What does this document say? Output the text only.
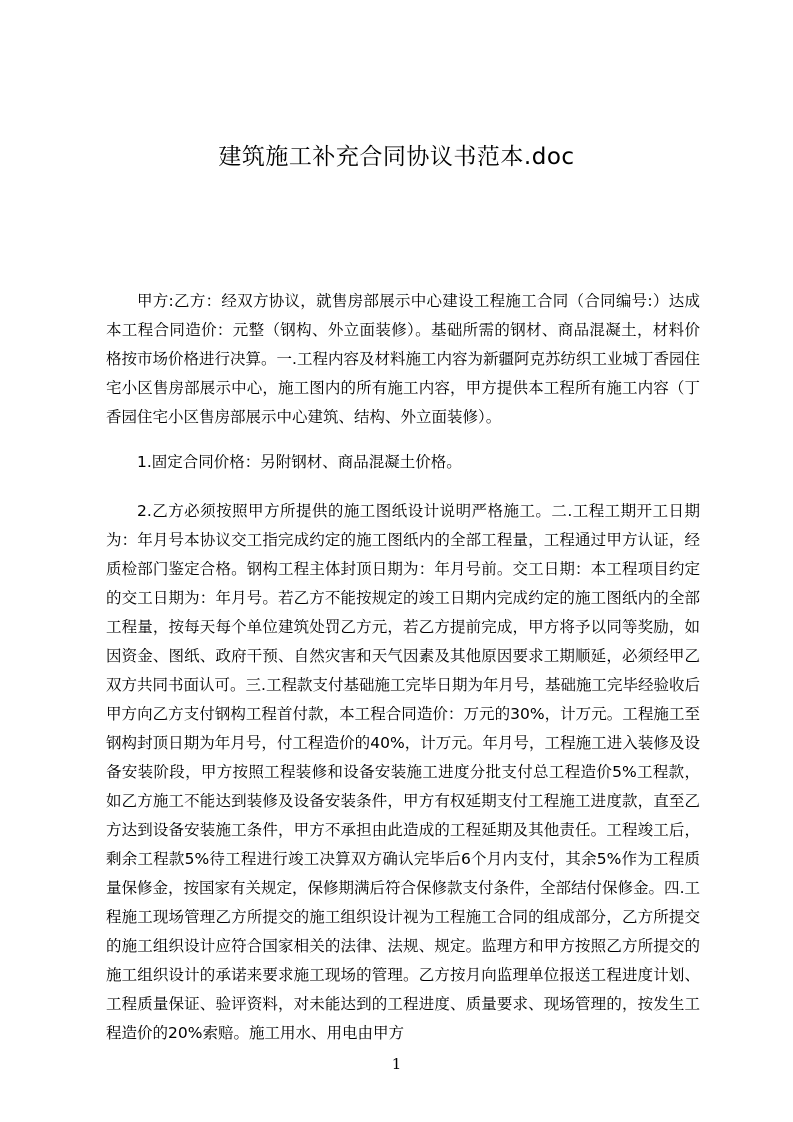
建筑施工补充合同协议书范本.doc

甲方:乙方：经双方协议，就售房部展示中心建设工程施工合同（合同编号:）达成本工程合同造价：元整（钢构、外立面装修）。基础所需的钢材、商品混凝土，材料价格按市场价格进行决算。一.工程内容及材料施工内容为新疆阿克苏纺织工业城丁香园住宅小区售房部展示中心，施工图内的所有施工内容，甲方提供本工程所有施工内容（丁香园住宅小区售房部展示中心建筑、结构、外立面装修）。

1.固定合同价格：另附钢材、商品混凝土价格。

2.乙方必须按照甲方所提供的施工图纸设计说明严格施工。二.工程工期开工日期为：年月号本协议交工指完成约定的施工图纸内的全部工程量，工程通过甲方认证，经质检部门鉴定合格。钢构工程主体封顶日期为：年月号前。交工日期：本工程项目约定的交工日期为：年月号。若乙方不能按规定的竣工日期内完成约定的施工图纸内的全部工程量，按每天每个单位建筑处罚乙方元，若乙方提前完成，甲方将予以同等奖励，如因资金、图纸、政府干预、自然灾害和天气因素及其他原因要求工期顺延，必须经甲乙双方共同书面认可。三.工程款支付基础施工完毕日期为年月号，基础施工完毕经验收后甲方向乙方支付钢构工程首付款，本工程合同造价：万元的30%，计万元。工程施工至钢构封顶日期为年月号，付工程造价的40%，计万元。年月号，工程施工进入装修及设备安装阶段，甲方按照工程装修和设备安装施工进度分批支付总工程造价5%工程款，如乙方施工不能达到装修及设备安装条件，甲方有权延期支付工程施工进度款，直至乙方达到设备安装施工条件，甲方不承担由此造成的工程延期及其他责任。工程竣工后，剩余工程款5%待工程进行竣工决算双方确认完毕后6个月内支付，其余5%作为工程质量保修金，按国家有关规定，保修期满后符合保修款支付条件，全部结付保修金。四.工程施工现场管理乙方所提交的施工组织设计视为工程施工合同的组成部分，乙方所提交的施工组织设计应符合国家相关的法律、法规、规定。监理方和甲方按照乙方所提交的施工组织设计的承诺来要求施工现场的管理。乙方按月向监理单位报送工程进度计划、工程质量保证、验评资料，对未能达到的工程进度、质量要求、现场管理的，按发生工程造价的20%索赔。施工用水、用电由甲方

1
